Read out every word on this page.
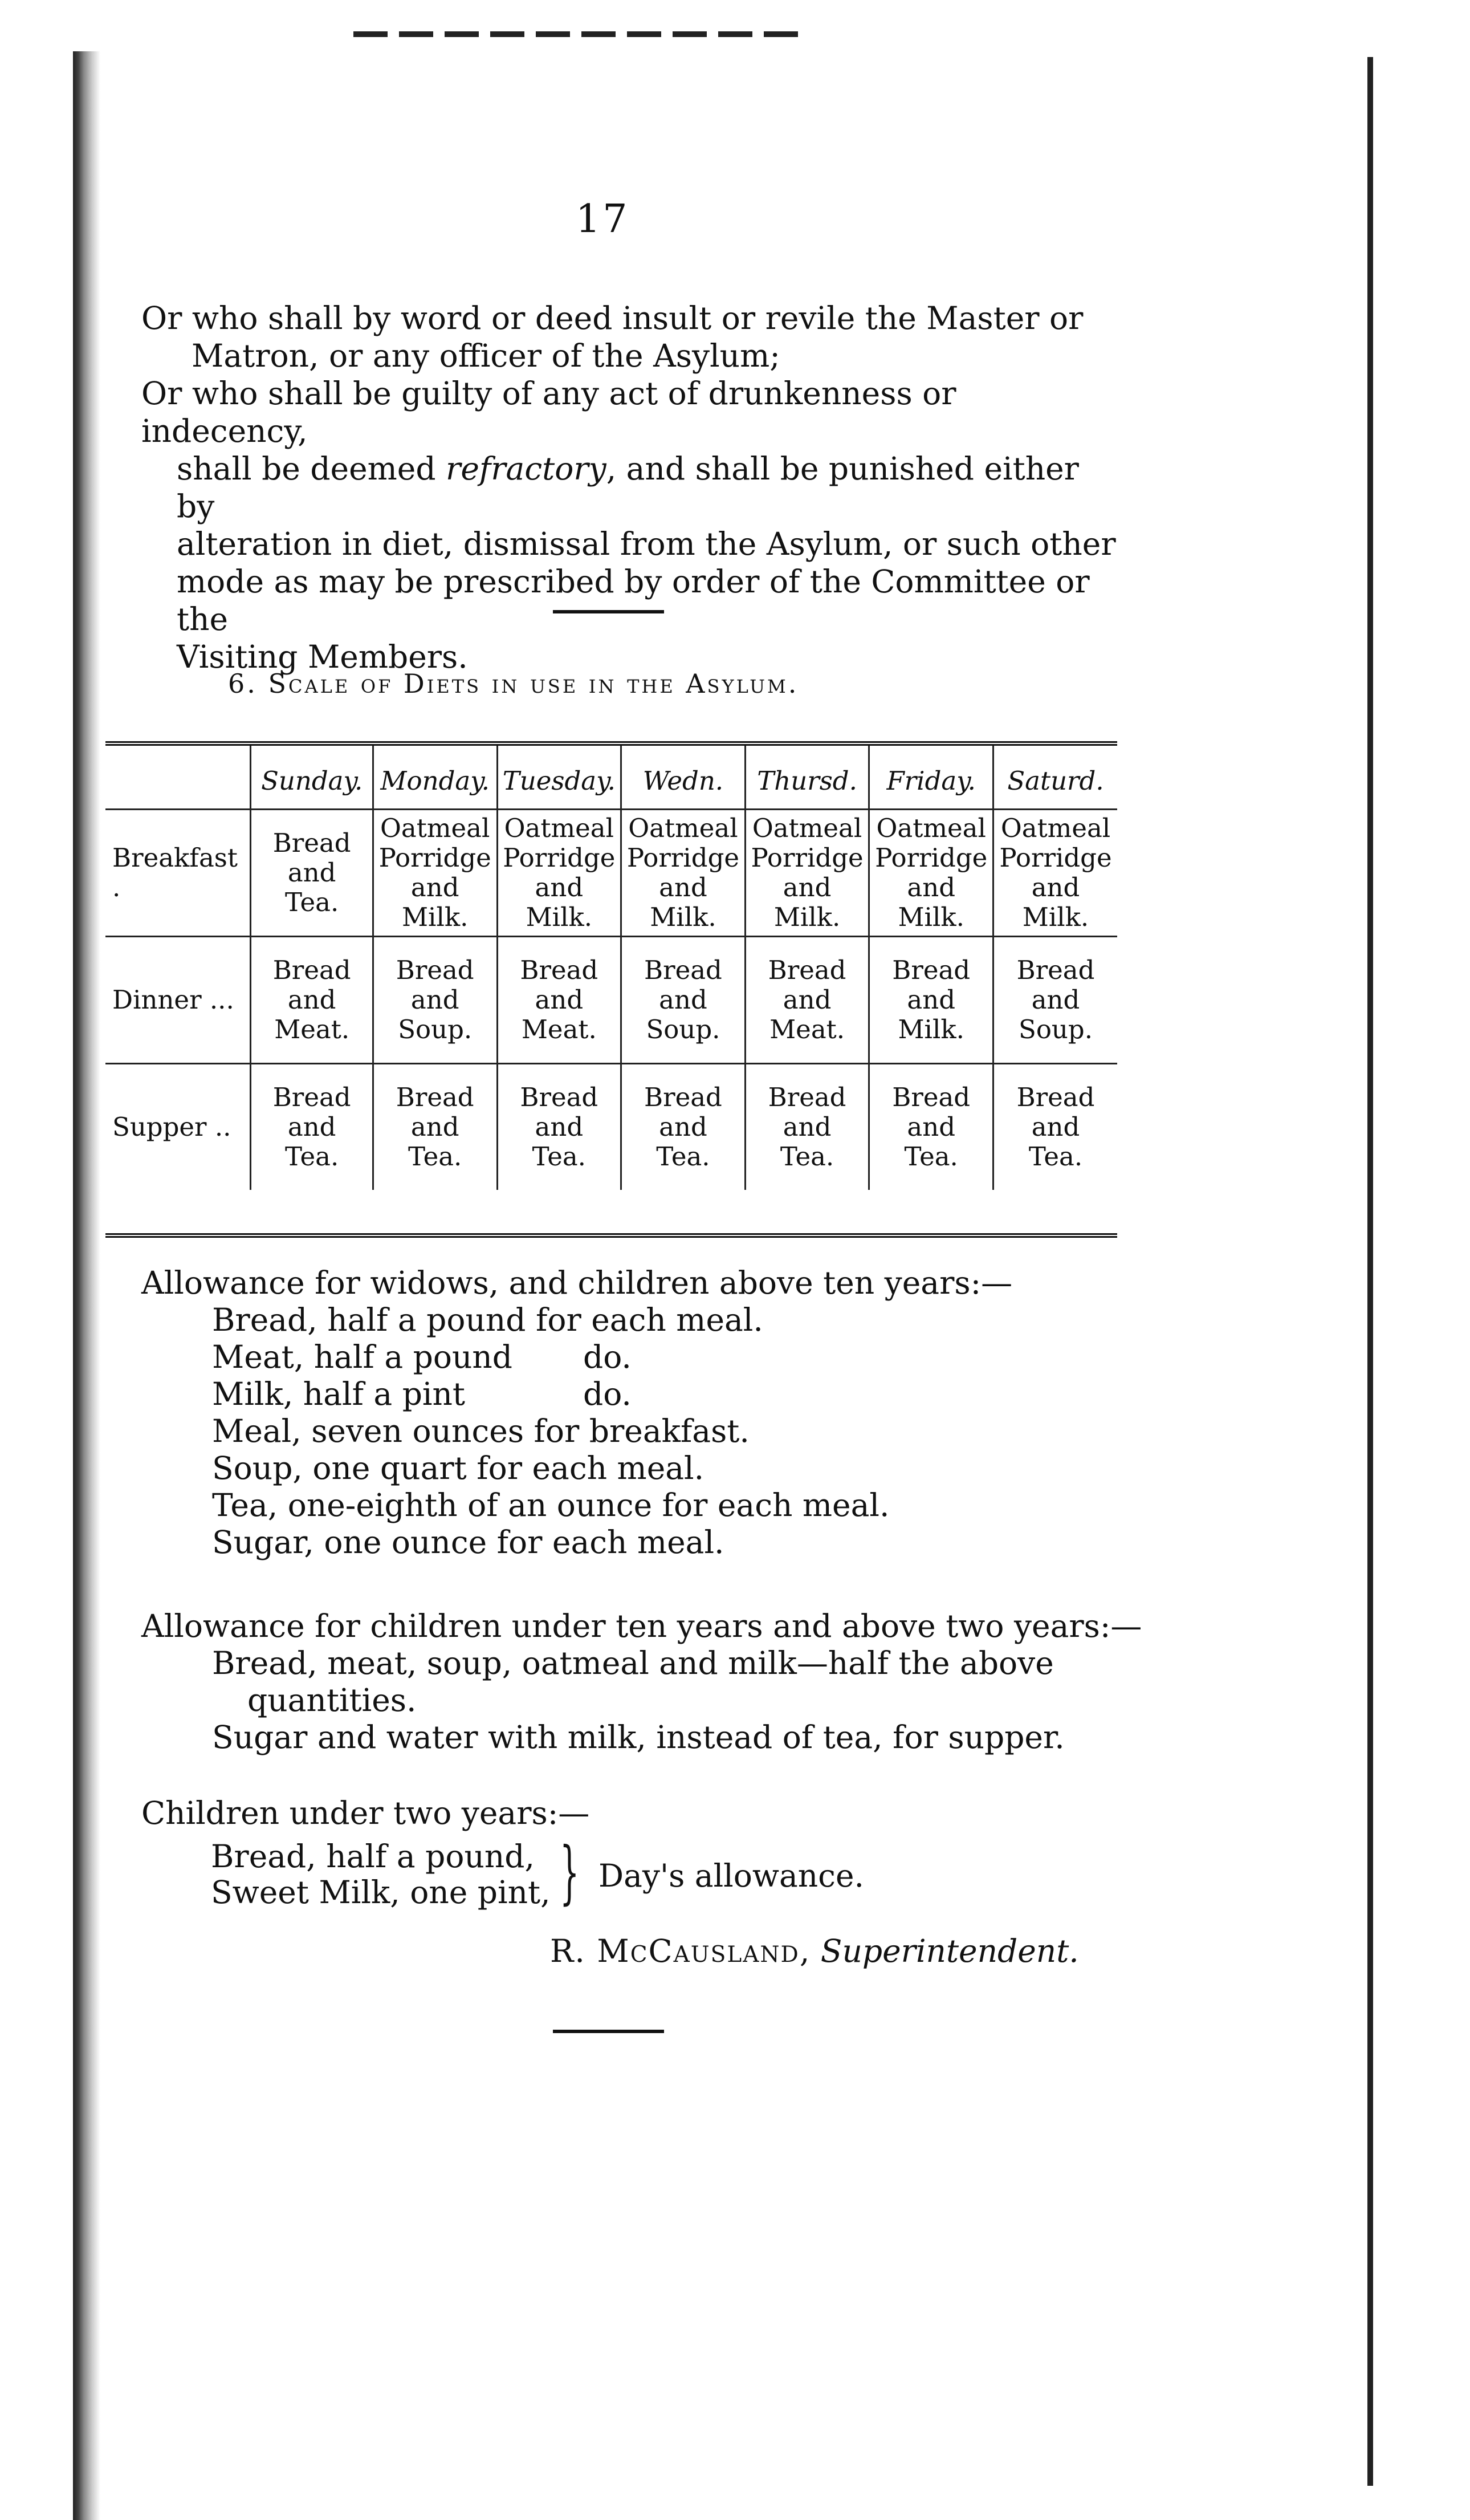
17
Or who shall by word or deed insult or revile the Master or
Matron, or any officer of the Asylum;
Or who shall be guilty of any act of drunkenness or indecency,
shall be deemed refractory, and shall be punished either by
alteration in diet, dismissal from the Asylum, or such other
mode as may be prescribed by order of the Committee or the
Visiting Members.
6. Scale of Diets in use in the Asylum.
	Sunday.	Monday.	Tuesday.	Wedn.	Thursd.	Friday.	Saturd.
Breakfast .	Bread
and
Tea.	Oatmeal
Porridge
and
Milk.	Oatmeal
Porridge
and
Milk.	Oatmeal
Porridge
and
Milk.	Oatmeal
Porridge
and
Milk.	Oatmeal
Porridge
and
Milk.	Oatmeal
Porridge
and
Milk.

Dinner ...	Bread
and
Meat.	Bread
and
Soup.	Bread
and
Meat.	Bread
and
Soup.	Bread
and
Meat.	Bread
and
Milk.	Bread
and
Soup.

Supper ..	Bread
and
Tea.	Bread
and
Tea.	Bread
and
Tea.	Bread
and
Tea.	Bread
and
Tea.	Bread
and
Tea.	Bread
and
Tea.
Allowance for widows, and children above ten years:—
Bread, half a pound for each meal.
Meat, half a pound do.
Milk, half a pint	do.
Meal, seven ounces for breakfast.
Soup, one quart for each meal.
Tea, one-eighth of an ounce for each meal.
Sugar, one ounce for each meal.
Allowance for children under ten years and above two years:—
Bread, meat, soup, oatmeal and milk—half the above
quantities.
Sugar and water with milk, instead of tea, for supper.
Children under two years:—
Bread, half a pound,
Sweet Milk, one pint, } Day's allowance.
R. McCausland, Superintendent.
